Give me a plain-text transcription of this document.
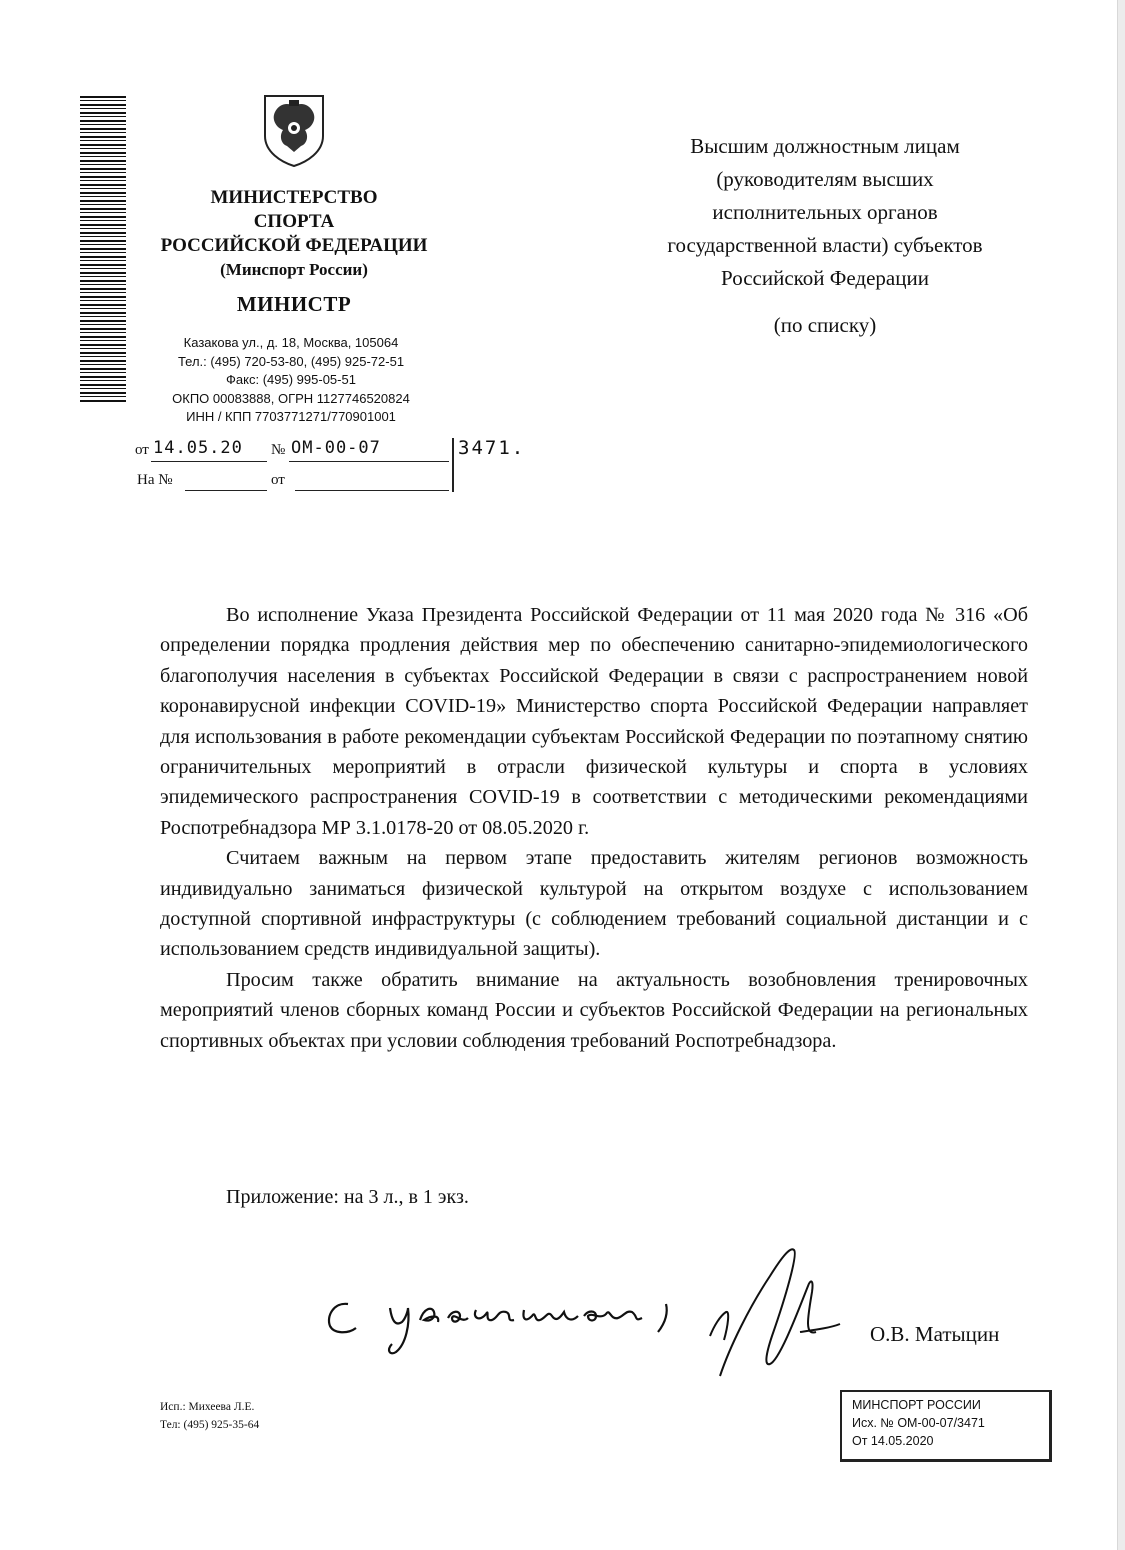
МИНИСТЕРСТВО
СПОРТА
РОССИЙСКОЙ ФЕДЕРАЦИИ
(Минспорт России)
МИНИСТР
Казакова ул., д. 18, Москва, 105064
Тел.: (495) 720-53-80, (495) 925-72-51
Факс: (495) 995-05-51
ОКПО 00083888, ОГРН 1127746520824
ИНН / КПП 7703771271/770901001
от 14.05.20 № ОМ-00-07
На №	от
3471.
Высшим должностным лицам
(руководителям высших
исполнительных органов
государственной власти) субъектов
Российской Федерации
(по списку)

Во исполнение Указа Президента Российской Федерации от 11 мая 2020 года № 316 «Об определении порядка продления действия мер по обеспечению санитарно-эпидемиологического благополучия населения в субъектах Российской Федерации в связи с распространением новой коронавирусной инфекции COVID-19» Министерство спорта Российской Федерации направляет для использования в работе рекомендации субъектам Российской Федерации по поэтапному снятию ограничительных мероприятий в отрасли физической культуры и спорта в условиях эпидемического распространения COVID-19 в соответствии с методическими рекомендациями Роспотребнадзора МР 3.1.0178-20 от 08.05.2020 г.

Считаем важным на первом этапе предоставить жителям регионов возможность индивидуально заниматься физической культурой на открытом воздухе с использованием доступной спортивной инфраструктуры (с соблюдением требований социальной дистанции и с использованием средств индивидуальной защиты).

Просим также обратить внимание на актуальность возобновления тренировочных мероприятий членов сборных команд России и субъектов Российской Федерации на региональных спортивных объектах при условии соблюдения требований Роспотребнадзора.

Приложение: на 3 л., в 1 экз.
О.В. Матыцин
Исп.: Михеева Л.Е.
Тел: (495) 925-35-64
МИНСПОРТ РОССИИ
Исх. № ОМ-00-07/3471
От 14.05.2020
